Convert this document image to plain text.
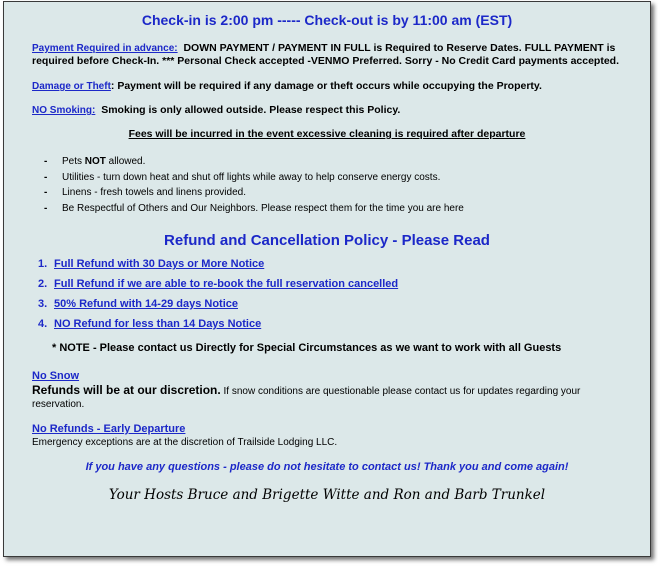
Check-in is 2:00 pm ----- Check-out is by 11:00 am (EST)
Payment Required in advance: DOWN PAYMENT / PAYMENT IN FULL is Required to Reserve Dates. FULL PAYMENT is required before Check-In. *** Personal Check accepted -VENMO Preferred. Sorry - No Credit Card payments accepted.
Damage or Theft: Payment will be required if any damage or theft occurs while occupying the Property.
NO Smoking: Smoking is only allowed outside. Please respect this Policy.
Fees will be incurred in the event excessive cleaning is required after departure
- Pets NOT allowed.
- Utilities - turn down heat and shut off lights while away to help conserve energy costs.
- Linens - fresh towels and linens provided.
- Be Respectful of Others and Our Neighbors. Please respect them for the time you are here
Refund and Cancellation Policy - Please Read
1. Full Refund with 30 Days or More Notice
2. Full Refund if we are able to re-book the full reservation cancelled
3. 50% Refund with 14-29 days Notice
4. NO Refund for less than 14 Days Notice
* NOTE - Please contact us Directly for Special Circumstances as we want to work with all Guests
No Snow
Refunds will be at our discretion. If snow conditions are questionable please contact us for updates regarding your reservation.
No Refunds - Early Departure
Emergency exceptions are at the discretion of Trailside Lodging LLC.
If you have any questions - please do not hesitate to contact us! Thank you and come again!
Your Hosts Bruce and Brigette Witte and Ron and Barb Trunkel
